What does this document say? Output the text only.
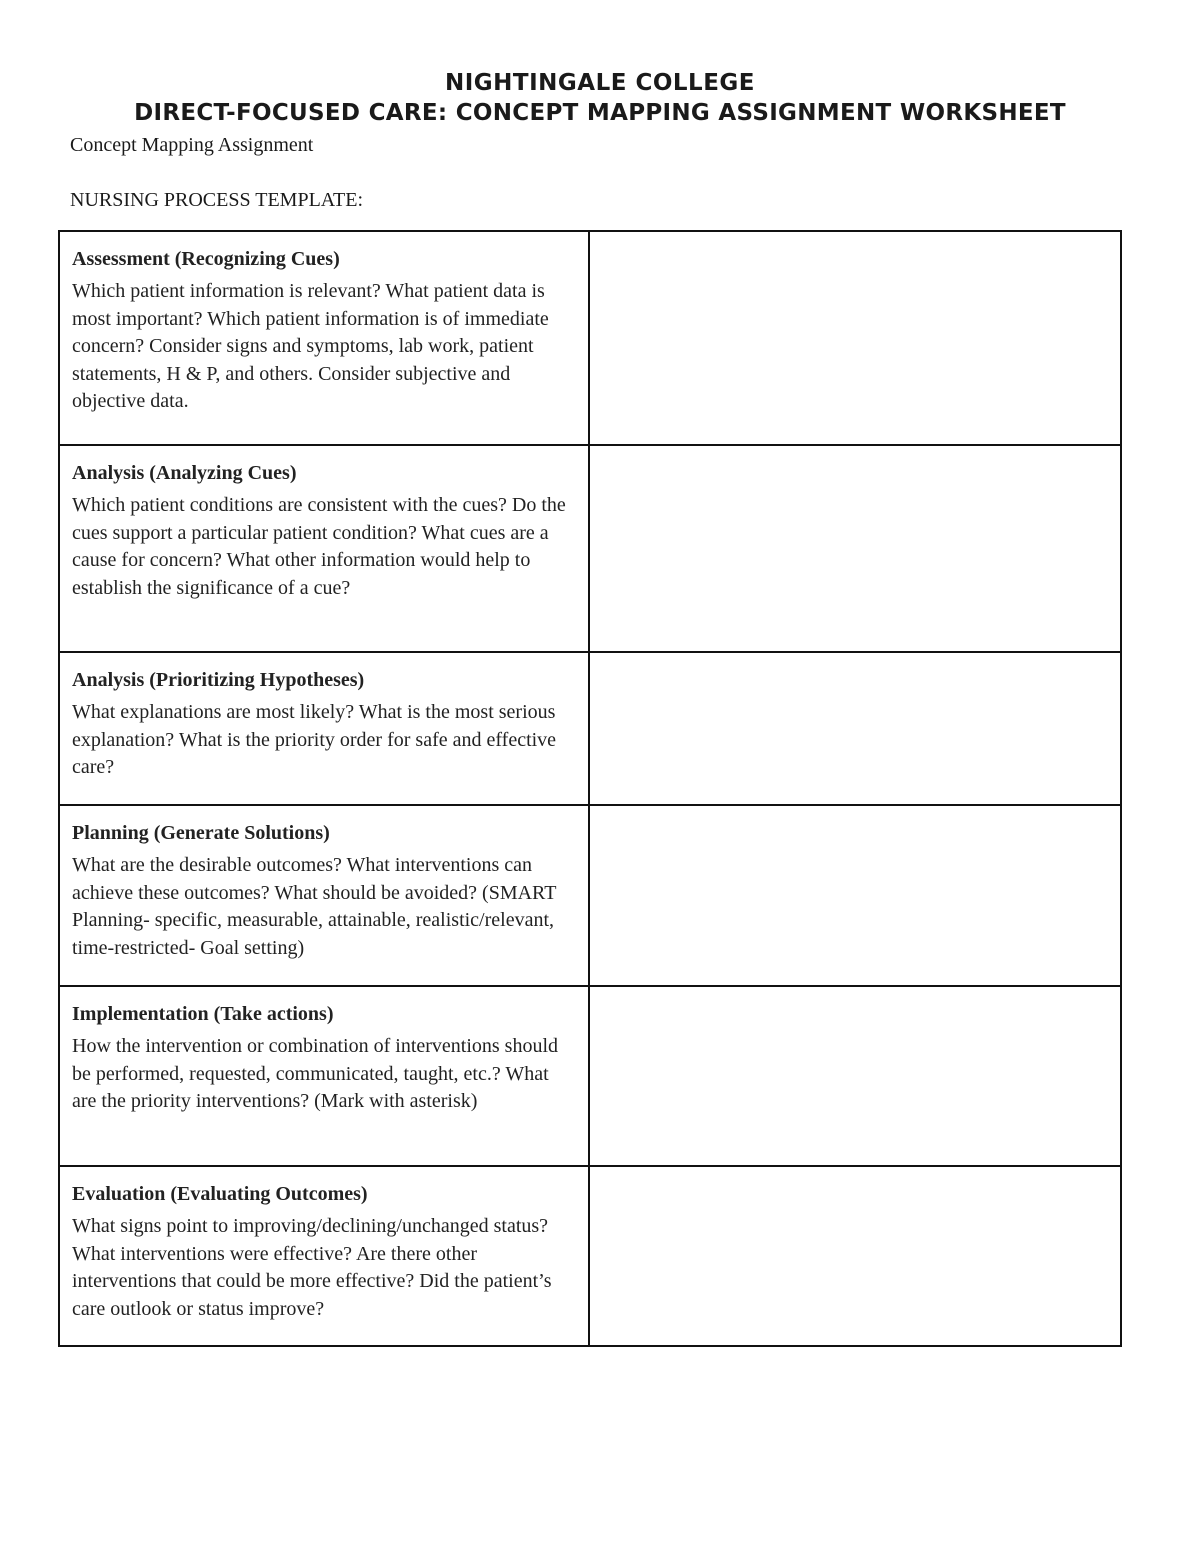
NIGHTINGALE COLLEGE
DIRECT-FOCUSED CARE: CONCEPT MAPPING ASSIGNMENT WORKSHEET

Concept Mapping Assignment

NURSING PROCESS TEMPLATE:

Assessment (Recognizing Cues)

Which patient information is relevant? What patient data is most important? Which patient information is of immediate concern? Consider signs and symptoms, lab work, patient statements, H & P, and others. Consider subjective and objective data.	

Analysis (Analyzing Cues)

Which patient conditions are consistent with the cues? Do the cues support a particular patient condition? What cues are a cause for concern? What other information would help to establish the significance of a cue?	

Analysis (Prioritizing Hypotheses)

What explanations are most likely? What is the most serious explanation? What is the priority order for safe and effective care?	

Planning (Generate Solutions)

What are the desirable outcomes? What interventions can achieve these outcomes? What should be avoided? (SMART Planning- specific, measurable, attainable, realistic/relevant, time-restricted- Goal setting)	

Implementation (Take actions)

How the intervention or combination of interventions should be performed, requested, communicated, taught, etc.? What are the priority interventions? (Mark with asterisk)	

Evaluation (Evaluating Outcomes)

What signs point to improving/declining/unchanged status? What interventions were effective? Are there other interventions that could be more effective? Did the patient’s care outlook or status improve?	
